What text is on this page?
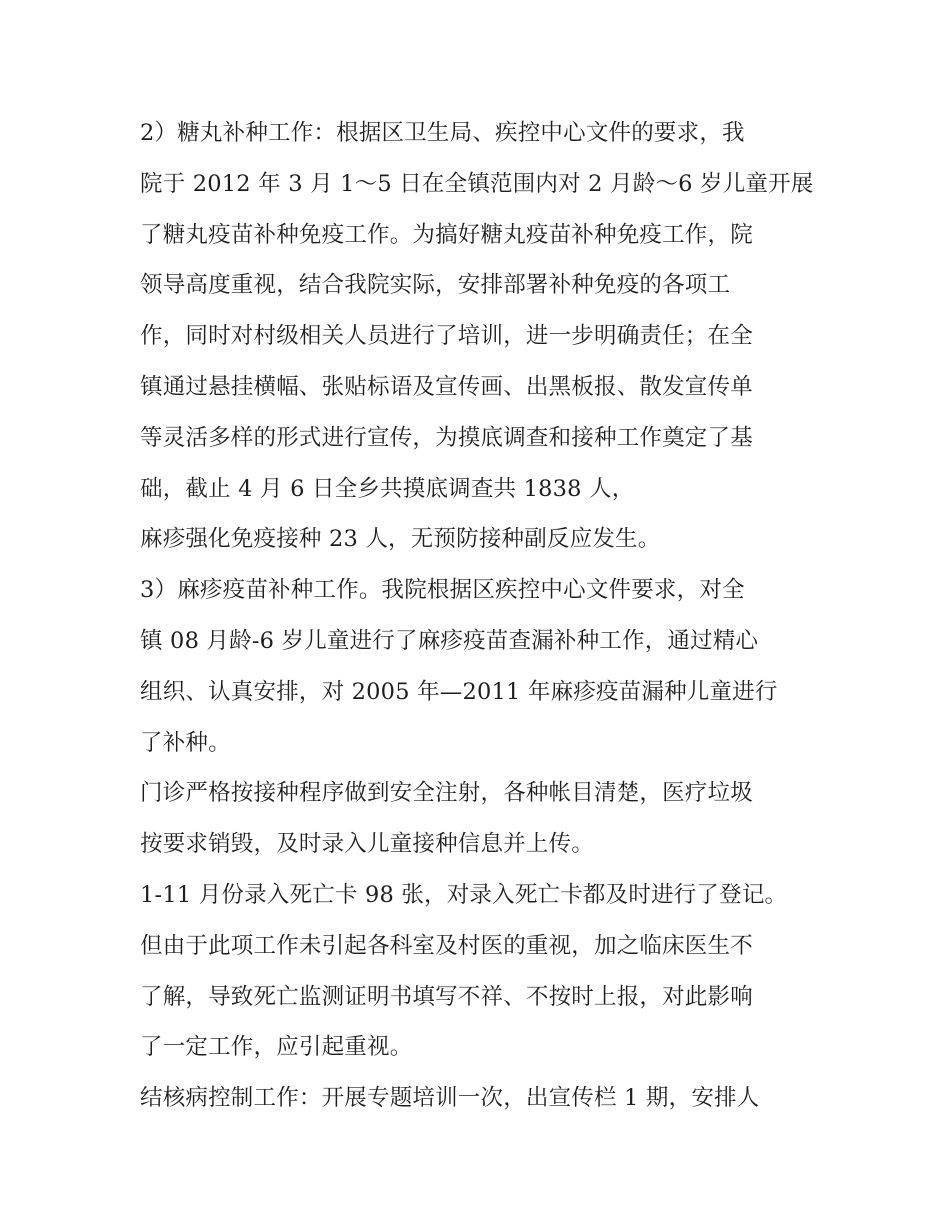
2）糖丸补种工作：根据区卫生局、疾控中心文件的要求，我
院于 2012 年 3 月 1～5 日在全镇范围内对 2 月龄～6 岁儿童开展
了糖丸疫苗补种免疫工作。为搞好糖丸疫苗补种免疫工作，院
领导高度重视，结合我院实际，安排部署补种免疫的各项工
作，同时对村级相关人员进行了培训，进一步明确责任；在全
镇通过悬挂横幅、张贴标语及宣传画、出黑板报、散发宣传单
等灵活多样的形式进行宣传，为摸底调查和接种工作奠定了基
础，截止 4 月 6 日全乡共摸底调查共 1838 人，
麻疹强化免疫接种 23 人，无预防接种副反应发生。
3）麻疹疫苗补种工作。我院根据区疾控中心文件要求，对全
镇 08 月龄-6 岁儿童进行了麻疹疫苗查漏补种工作，通过精心
组织、认真安排，对 2005 年—2011 年麻疹疫苗漏种儿童进行
了补种。
门诊严格按接种程序做到安全注射，各种帐目清楚，医疗垃圾
按要求销毁，及时录入儿童接种信息并上传。
1-11 月份录入死亡卡 98 张，对录入死亡卡都及时进行了登记。
但由于此项工作未引起各科室及村医的重视，加之临床医生不
了解，导致死亡监测证明书填写不祥、不按时上报，对此影响
了一定工作，应引起重视。
结核病控制工作：开展专题培训一次，出宣传栏 1 期，安排人
